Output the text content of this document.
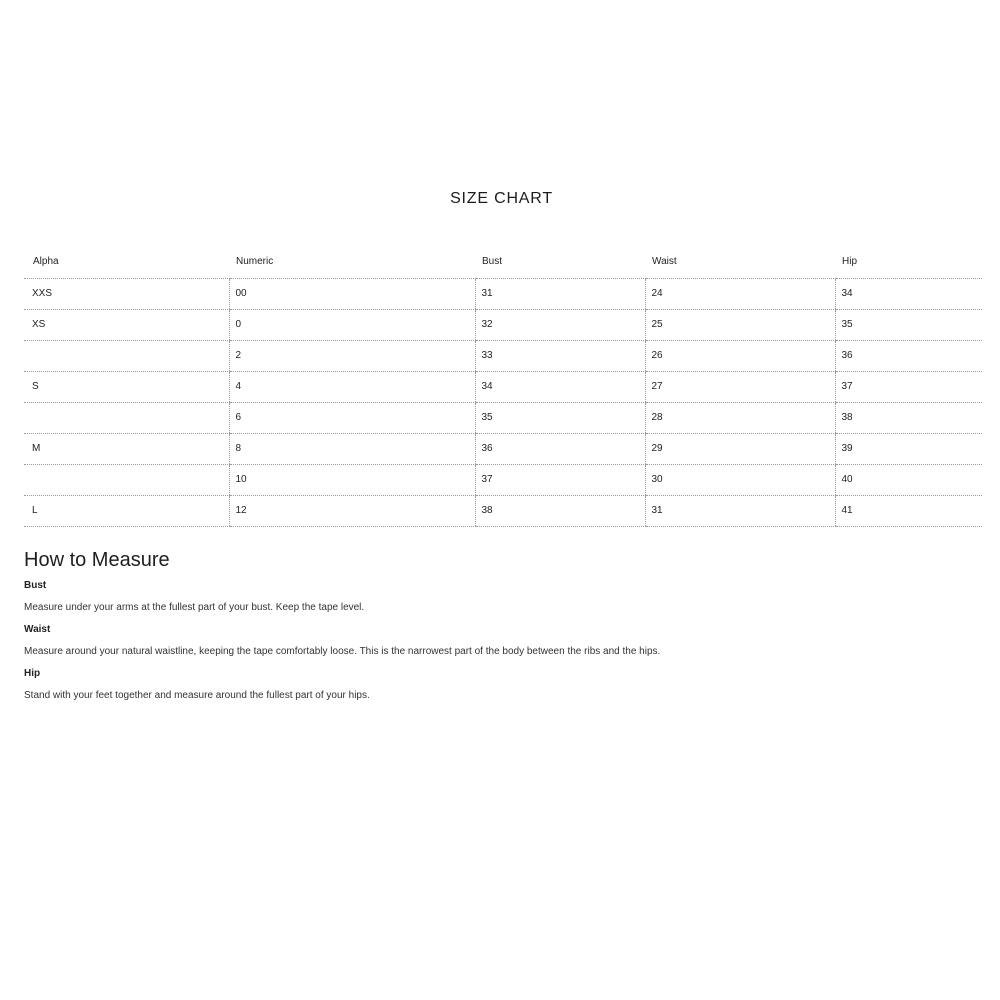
SIZE CHART
Alpha	Numeric	Bust	Waist	Hip
XXS	00	31	24	34
XS	0	32	25	35
	2	33	26	36
S	4	34	27	37
	6	35	28	38
M	8	36	29	39
	10	37	30	40
L	12	38	31	41
How to Measure
Bust
Measure under your arms at the fullest part of your bust. Keep the tape level.
Waist
Measure around your natural waistline, keeping the tape comfortably loose. This is the narrowest part of the body between the ribs and the hips.
Hip
Stand with your feet together and measure around the fullest part of your hips.
